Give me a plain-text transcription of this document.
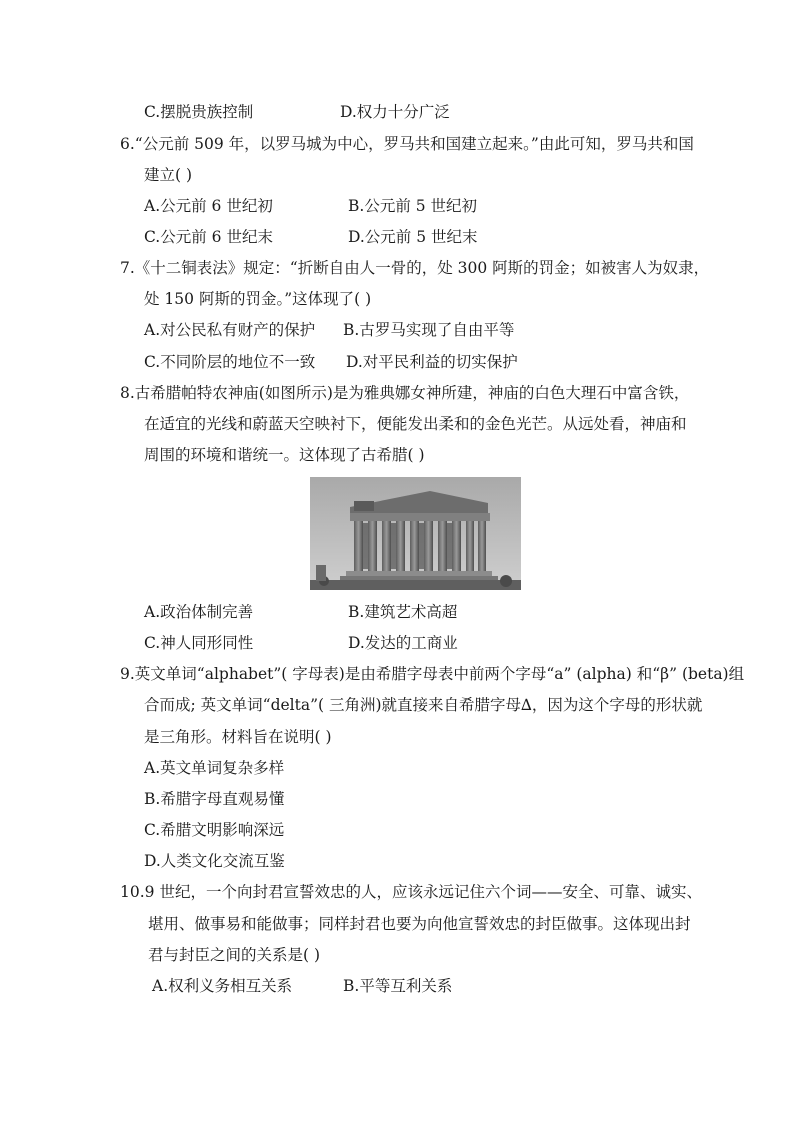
C.摆脱贵族控制	D.权力十分广泛
6.“公元前 509 年，以罗马城为中心，罗马共和国建立起来。”由此可知，罗马共和国
建立( )
A.公元前 6 世纪初	B.公元前 5 世纪初
C.公元前 6 世纪末	D.公元前 5 世纪末
7.《十二铜表法》规定：“折断自由人一骨的，处 300 阿斯的罚金；如被害人为奴隶，
处 150 阿斯的罚金。”这体现了( )
A.对公民私有财产的保护 B.古罗马实现了自由平等
C.不同阶层的地位不一致 D.对平民利益的切实保护
8.古希腊帕特农神庙(如图所示)是为雅典娜女神所建，神庙的白色大理石中富含铁，
在适宜的光线和蔚蓝天空映衬下，便能发出柔和的金色光芒。从远处看，神庙和
周围的环境和谐统一。这体现了古希腊( )
A.政治体制完善	B.建筑艺术高超
C.神人同形同性	D.发达的工商业
9.英文单词“alphabet”( 字母表)是由希腊字母表中前两个字母“a” (alpha) 和“β” (beta)组
合而成; 英文单词“delta”( 三角洲)就直接来自希腊字母∆，因为这个字母的形状就
是三角形。材料旨在说明( )
A.英文单词复杂多样
B.希腊字母直观易懂
C.希腊文明影响深远
D.人类文化交流互鉴
10.9 世纪，一个向封君宣誓效忠的人，应该永远记住六个词——安全、可靠、诚实、
堪用、做事易和能做事；同样封君也要为向他宣誓效忠的封臣做事。这体现出封
君与封臣之间的关系是( )
A.权利义务相互关系	B.平等互利关系
